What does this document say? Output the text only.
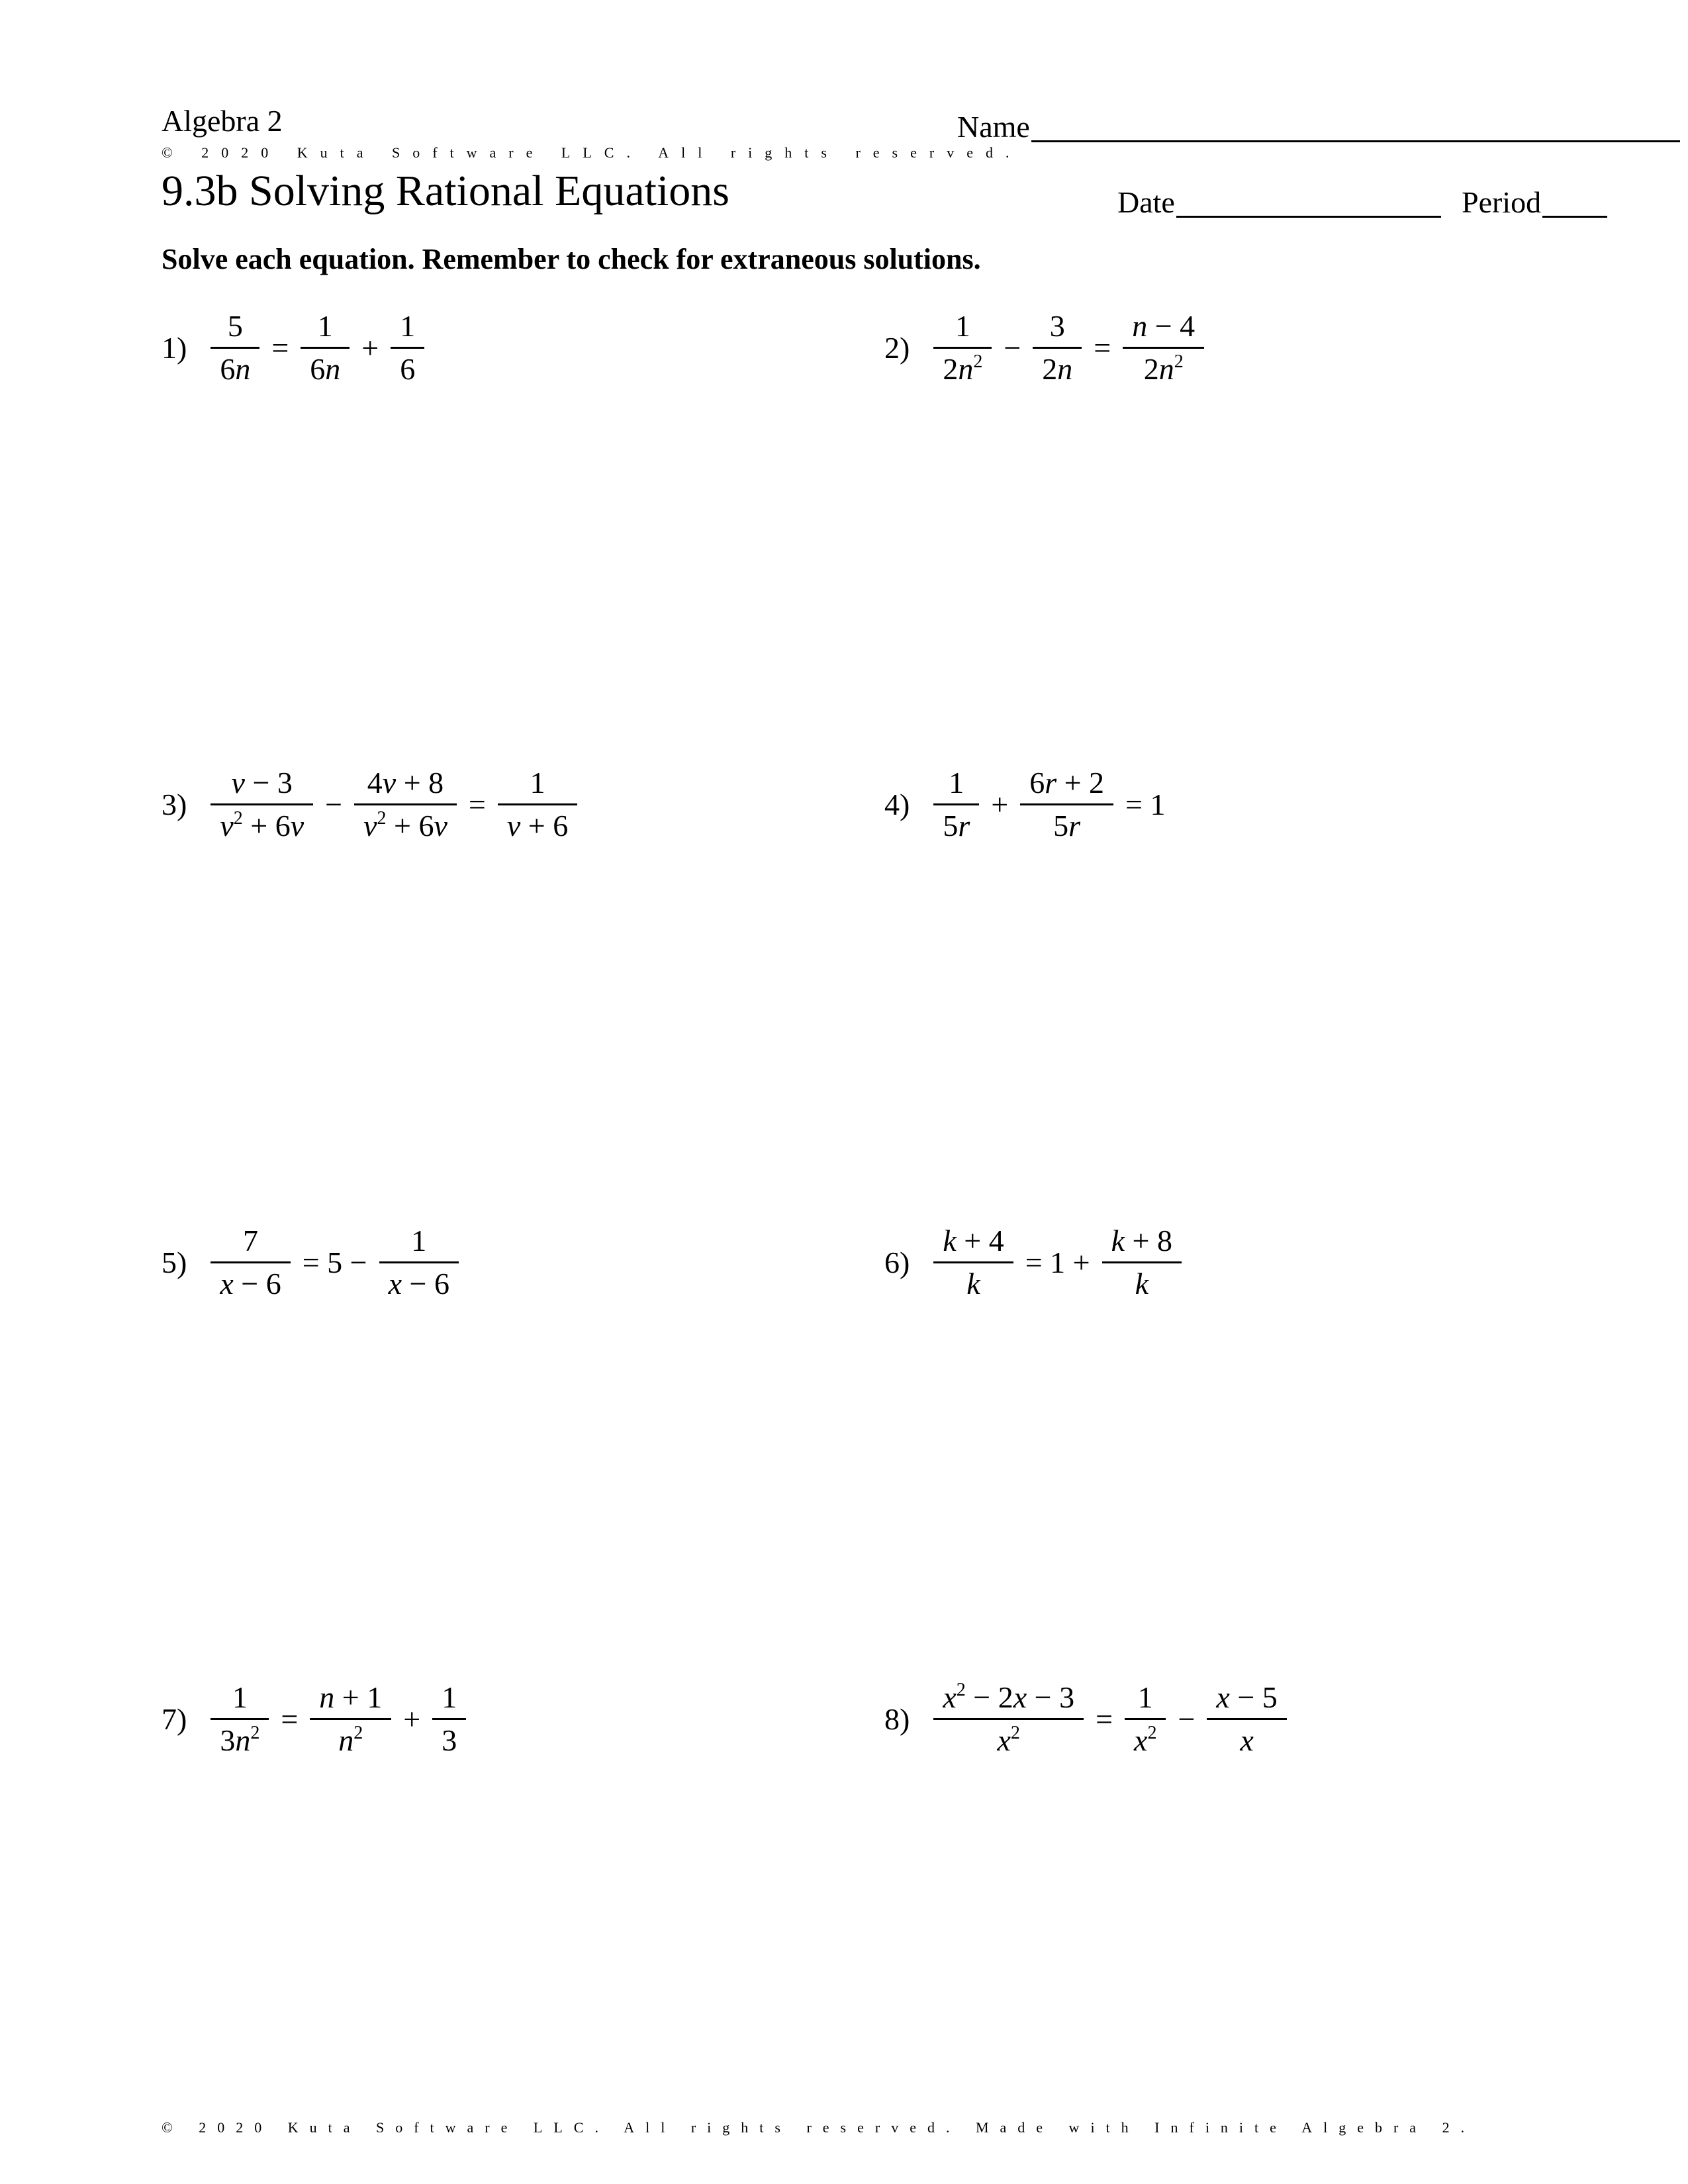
Algebra 2	Name
© 2020 Kuta Software LLC. All rights reserved.
9.3b Solving Rational Equations	Date	Period
Solve each equation. Remember to check for extraneous solutions.
$1) \frac{5}{6n} = \frac{1}{6n} + \frac{1}{6}$	$2) \frac{1}{2n^2} - \frac{3}{2n} = \frac{n - 4}{2n^2}$
$3) \frac{v - 3}{v^2 + 6v} - \frac{4v + 8}{v^2 + 6v} = \frac{1}{v + 6}$	$4) \frac{1}{5r} + \frac{6r + 2}{5r} = 1$
$5) \frac{7}{x - 6} = 5 - \frac{1}{x - 6}$	$6) \frac{k + 4}{k} = 1 + \frac{k + 8}{k}$
$7) \frac{1}{3n^2} = \frac{n + 1}{n^2} + \frac{1}{3}$	$8) \frac{x^2 - 2x - 3}{x^2} = \frac{1}{x^2} - \frac{x - 5}{x}$
© 2020 Kuta Software LLC. All rights reserved. Made with Infinite Algebra 2.
